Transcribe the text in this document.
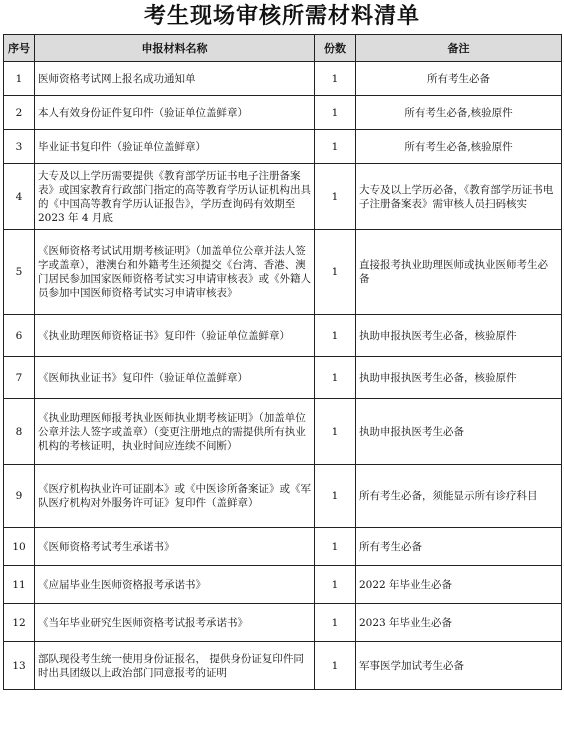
考生现场审核所需材料清单
序号	申报材料名称	份数	备注
1	医师资格考试网上报名成功通知单	1	所有考生必备
2	本人有效身份证件复印件（验证单位盖鲜章）	1	所有考生必备,核验原件
3	毕业证书复印件（验证单位盖鲜章）	1	所有考生必备,核验原件
4	大专及以上学历需要提供《教育部学历证书电子注册备案表》或国家教育行政部门指定的高等教育学历认证机构出具的《中国高等教育学历认证报告》，学历查询码有效期至 2023 年 4 月底	1	大专及以上学历必备，《教育部学历证书电子注册备案表》需审核人员扫码核实
5	《医师资格考试试用期考核证明》（加盖单位公章并法人签字或盖章），港澳台和外籍考生还须提交《台湾、香港、澳门居民参加国家医师资格考试实习申请审核表》或《外籍人员参加中国医师资格考试实习申请审核表》	1	直接报考执业助理医师或执业医师考生必备
6	《执业助理医师资格证书》复印件（验证单位盖鲜章）	1	执助申报执医考生必备，核验原件
7	《医师执业证书》复印件（验证单位盖鲜章）	1	执助申报执医考生必备，核验原件
8	《执业助理医师报考执业医师执业期考核证明》（加盖单位公章并法人签字或盖章）（变更注册地点的需提供所有执业机构的考核证明，执业时间应连续不间断）	1	执助申报执医考生必备
9	《医疗机构执业许可证副本》或《中医诊所备案证》或《军队医疗机构对外服务许可证》复印件（盖鲜章）	1	所有考生必备，须能显示所有诊疗科目
10	《医师资格考试考生承诺书》	1	所有考生必备
11	《应届毕业生医师资格报考承诺书》	1	2022 年毕业生必备
12	《当年毕业研究生医师资格考试报考承诺书》	1	2023 年毕业生必备
13	部队现役考生统一使用身份证报名， 提供身份证复印件同时出具团级以上政治部门同意报考的证明	1	军事医学加试考生必备
